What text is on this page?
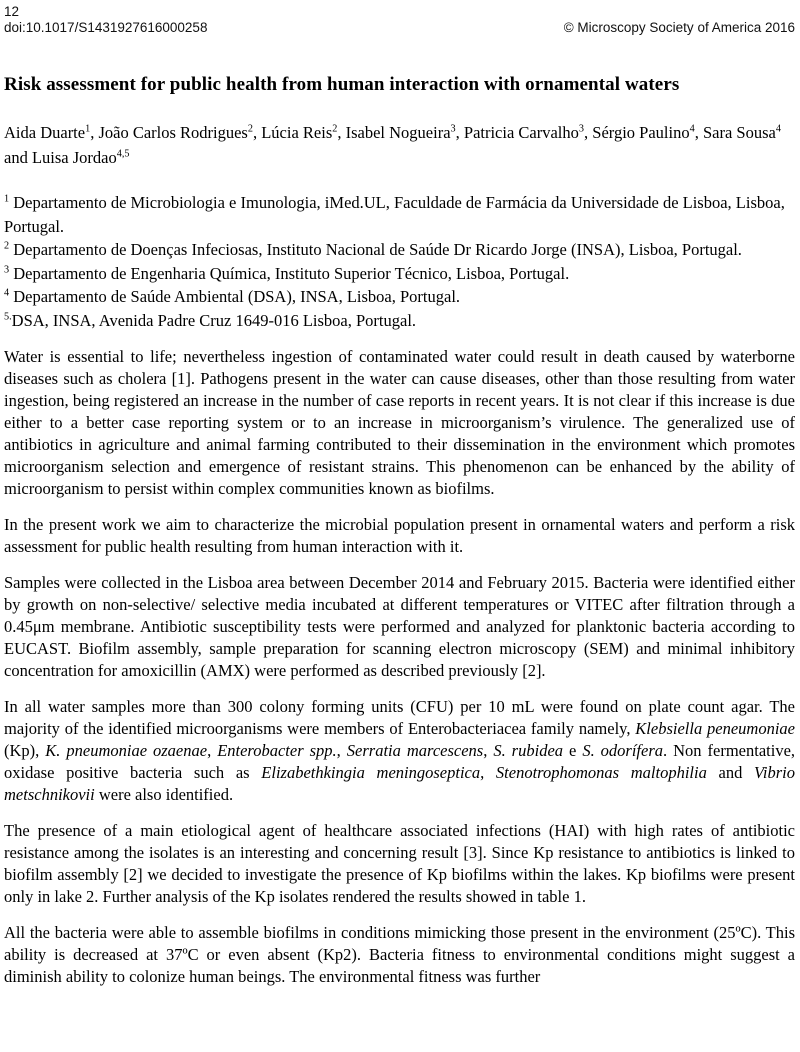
12
doi:10.1017/S1431927616000258	© Microscopy Society of America 2016
Risk assessment for public health from human interaction with ornamental waters
Aida Duarte$^1$, João Carlos Rodrigues$^2$, Lúcia Reis$^2$, Isabel Nogueira$^3$, Patricia Carvalho$^3$, Sérgio Paulino$^4$, Sara Sousa$^4$ and Luisa Jordao$^{4,5}$
$^1$ Departamento de Microbiologia e Imunologia, iMed.UL, Faculdade de Farmácia da Universidade de Lisboa, Lisboa, Portugal.
$^2$ Departamento de Doenças Infeciosas, Instituto Nacional de Saúde Dr Ricardo Jorge (INSA), Lisboa, Portugal.
$^3$ Departamento de Engenharia Química, Instituto Superior Técnico, Lisboa, Portugal.
$^4$ Departamento de Saúde Ambiental (DSA), INSA, Lisboa, Portugal.
$^{5.}$DSA, INSA, Avenida Padre Cruz 1649-016 Lisboa, Portugal.

Water is essential to life; nevertheless ingestion of contaminated water could result in death caused by waterborne diseases such as cholera [1]. Pathogens present in the water can cause diseases, other than those resulting from water ingestion, being registered an increase in the number of case reports in recent years. It is not clear if this increase is due either to a better case reporting system or to an increase in microorganism’s virulence. The generalized use of antibiotics in agriculture and animal farming contributed to their dissemination in the environment which promotes microorganism selection and emergence of resistant strains. This phenomenon can be enhanced by the ability of microorganism to persist within complex communities known as biofilms.

In the present work we aim to characterize the microbial population present in ornamental waters and perform a risk assessment for public health resulting from human interaction with it.

Samples were collected in the Lisboa area between December 2014 and February 2015. Bacteria were identified either by growth on non-selective/ selective media incubated at different temperatures or VITEC after filtration through a 0.45μm membrane. Antibiotic susceptibility tests were performed and analyzed for planktonic bacteria according to EUCAST. Biofilm assembly, sample preparation for scanning electron microscopy (SEM) and minimal inhibitory concentration for amoxicillin (AMX) were performed as described previously [2].

In all water samples more than 300 colony forming units (CFU) per 10 mL were found on plate count agar. The majority of the identified microorganisms were members of Enterobacteriacea family namely, Klebsiella peneumoniae (Kp), K. pneumoniae ozaenae, Enterobacter spp., Serratia marcescens, S. rubidea e S. odorífera. Non fermentative, oxidase positive bacteria such as Elizabethkingia meningoseptica, Stenotrophomonas maltophilia and Vibrio metschnikovii were also identified.

The presence of a main etiological agent of healthcare associated infections (HAI) with high rates of antibiotic resistance among the isolates is an interesting and concerning result [3]. Since Kp resistance to antibiotics is linked to biofilm assembly [2] we decided to investigate the presence of Kp biofilms within the lakes. Kp biofilms were present only in lake 2. Further analysis of the Kp isolates rendered the results showed in table 1.

All the bacteria were able to assemble biofilms in conditions mimicking those present in the environment (25ºC). This ability is decreased at 37ºC or even absent (Kp2). Bacteria fitness to environmental conditions might suggest a diminish ability to colonize human beings. The environmental fitness was further
